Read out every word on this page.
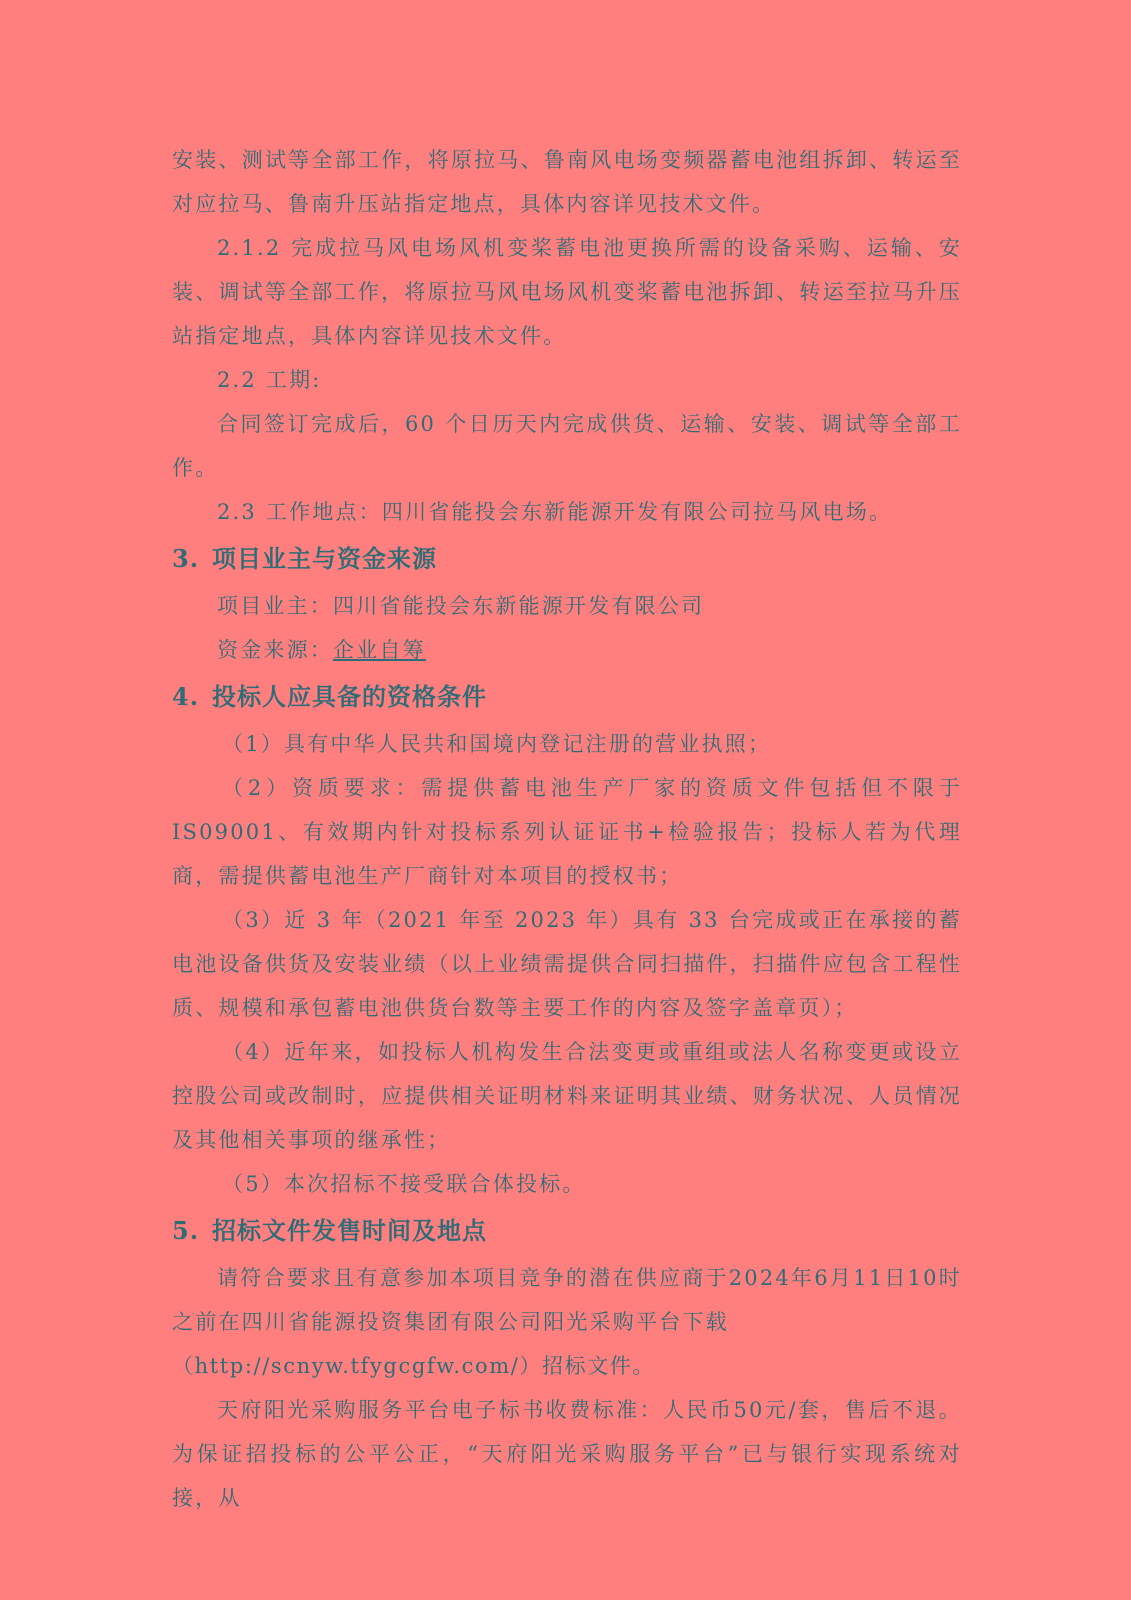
安装、测试等全部工作，将原拉马、鲁南风电场变频器蓄电池组拆卸、转运至对应拉马、鲁南升压站指定地点，具体内容详见技术文件。

2.1.2 完成拉马风电场风机变桨蓄电池更换所需的设备采购、运输、安装、调试等全部工作，将原拉马风电场风机变桨蓄电池拆卸、转运至拉马升压站指定地点，具体内容详见技术文件。

2.2 工期:

合同签订完成后，60 个日历天内完成供货、运输、安装、调试等全部工作。

2.3 工作地点：四川省能投会东新能源开发有限公司拉马风电场。

3. 项目业主与资金来源

项目业主：四川省能投会东新能源开发有限公司

资金来源：企业自筹

4. 投标人应具备的资格条件

（1）具有中华人民共和国境内登记注册的营业执照；

（2）资质要求：需提供蓄电池生产厂家的资质文件包括但不限于 IS09001、有效期内针对投标系列认证证书+检验报告；投标人若为代理商，需提供蓄电池生产厂商针对本项目的授权书；

（3）近 3 年（2021 年至 2023 年）具有 33 台完成或正在承接的蓄电池设备供货及安装业绩（以上业绩需提供合同扫描件，扫描件应包含工程性质、规模和承包蓄电池供货台数等主要工作的内容及签字盖章页）；

（4）近年来，如投标人机构发生合法变更或重组或法人名称变更或设立控股公司或改制时，应提供相关证明材料来证明其业绩、财务状况、人员情况及其他相关事项的继承性；

（5）本次招标不接受联合体投标。

5. 招标文件发售时间及地点

请符合要求且有意参加本项目竞争的潜在供应商于2024年6月11日10时之前在四川省能源投资集团有限公司阳光采购平台下载

（http://scnyw.tfygcgfw.com/）招标文件。

天府阳光采购服务平台电子标书收费标准：人民币50元/套，售后不退。为保证招投标的公平公正，“天府阳光采购服务平台”已与银行实现系统对接，从
